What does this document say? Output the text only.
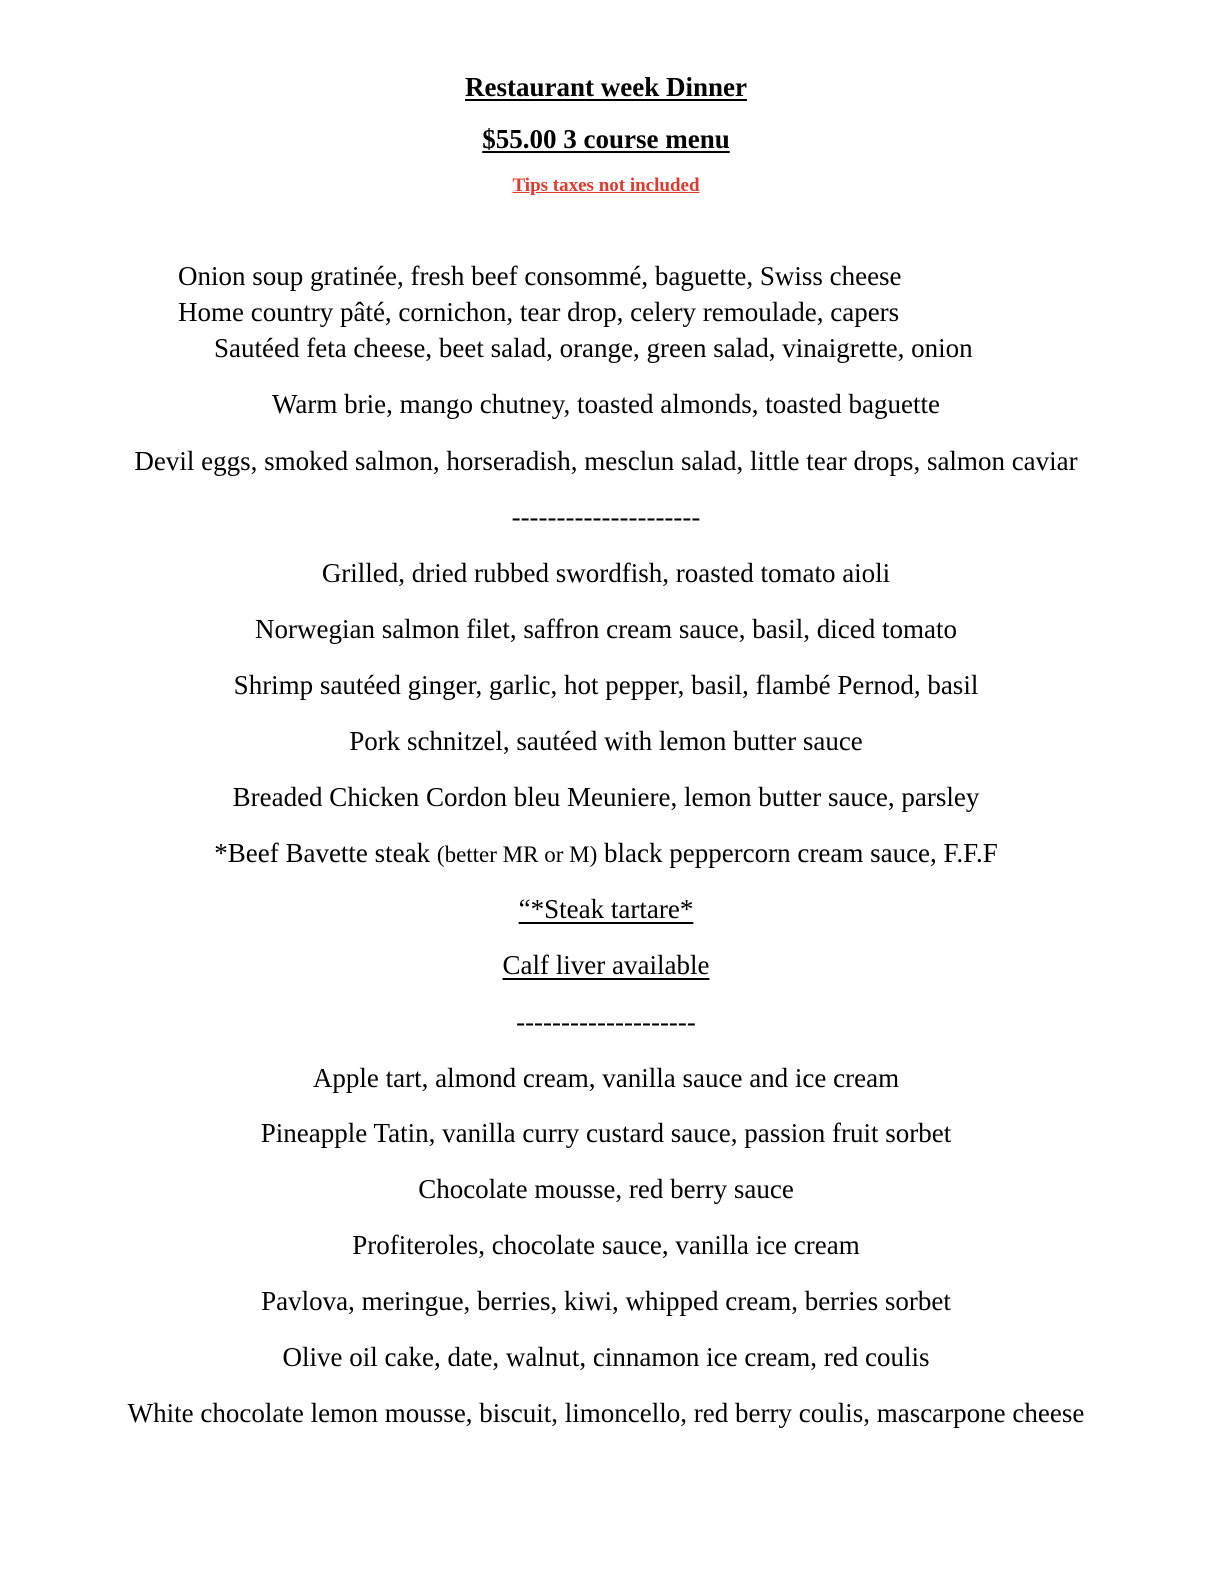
Restaurant week Dinner
$55.00 3 course menu
Tips taxes not included
Onion soup gratinée, fresh beef consommé, baguette, Swiss cheese
Home country pâté, cornichon, tear drop, celery remoulade, capers
Sautéed feta cheese, beet salad, orange, green salad, vinaigrette, onion
Warm brie, mango chutney, toasted almonds, toasted baguette
Devil eggs, smoked salmon, horseradish, mesclun salad, little tear drops, salmon caviar
---------------------
Grilled, dried rubbed swordfish, roasted tomato aioli
Norwegian salmon filet, saffron cream sauce, basil, diced tomato
Shrimp sautéed ginger, garlic, hot pepper, basil, flambé Pernod, basil
Pork schnitzel, sautéed with lemon butter sauce
Breaded Chicken Cordon bleu Meuniere, lemon butter sauce, parsley
*Beef Bavette steak (better MR or M) black peppercorn cream sauce, F.F.F
“*Steak tartare*
Calf liver available
--------------------
Apple tart, almond cream, vanilla sauce and ice cream
Pineapple Tatin, vanilla curry custard sauce, passion fruit sorbet
Chocolate mousse, red berry sauce
Profiteroles, chocolate sauce, vanilla ice cream
Pavlova, meringue, berries, kiwi, whipped cream, berries sorbet
Olive oil cake, date, walnut, cinnamon ice cream, red coulis
White chocolate lemon mousse, biscuit, limoncello, red berry coulis, mascarpone cheese
